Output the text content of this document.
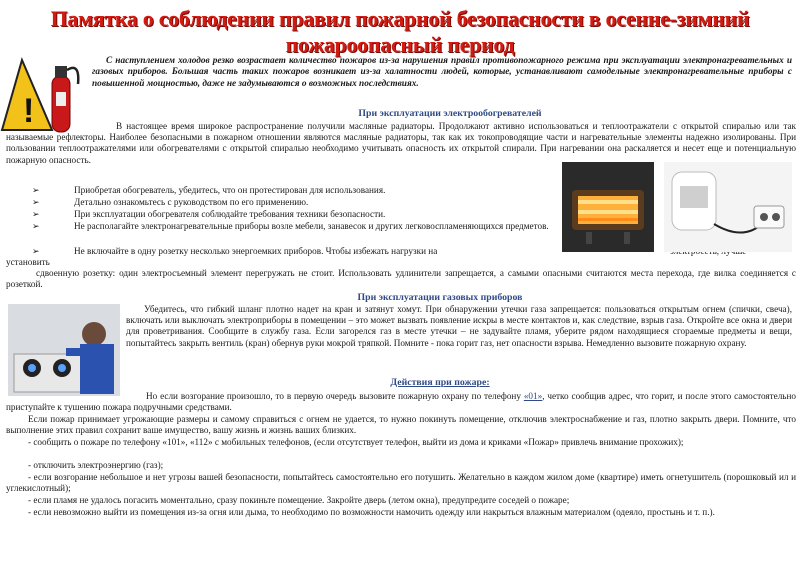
Памятка о соблюдении правил пожарной безопасности в осенне-зимний пожароопасный период
!
С наступлением холодов резко возрастает количество пожаров из-за нарушения правил противопожарного режима при эксплуатации электронагревательных и газовых приборов. Большая часть таких пожаров возникает из-за халатности людей, которые, устанавливают самодельные электронагревательные приборы с повышенной мощностью, даже не задумываются о возможных последствиях.
При эксплуатации электрообогревателей
В настоящее время широкое распространение получили масляные радиаторы. Продолжают активно использоваться и теплоотражатели с открытой спиралью или так называемые рефлекторы. Наиболее безопасными в пожарном отношении являются масляные радиаторы, так как их токопроводящие части и нагревательные элементы надежно изолированы. При пользовании теплоотражателями или обогревателями с открытой спиралью необходимо учитывать опасность их открытой спирали. При нагревании она раскаляется и несет еще и потенциальную пожарную опасность.
➢	Приобретая обогреватель, убедитесь, что он протестирован для использования.
➢	Детально ознакомьтесь с руководством по его применению.
➢	При эксплуатации обогревателя соблюдайте требования техники безопасности.
➢	Не располагайте электронагревательные приборы возле мебели, занавесок и других легковоспламеняющихся предметов.
➢	Не включайте в одну розетку несколько энергоемких приборов. Чтобы избежать нагрузки на
установить
сдвоенную розетку: один электросъемный элемент перегружать не стоит. Использовать удлинители запрещается, а самыми опасными считаются места перехода, где вилка соединяется с розеткой.
При эксплуатации газовых приборов
Убедитесь, что гибкий шланг плотно надет на кран и затянут хомут. При обнаружении утечки газа запрещается: пользоваться открытым огнем (спички, свеча), включать или выключать электроприборы в помещении – это может вызвать появление искры в месте контактов и, как следствие, взрыв газа. Откройте все окна и двери для проветривания. Сообщите в службу газа. Если загорелся газ в месте утечки – не задувайте пламя, уберите рядом находящиеся сгораемые предметы и вещи, попытайтесь закрыть вентиль (кран) обернув руки мокрой тряпкой. Помните - пока горит газ, нет опасности взрыва. Немедленно вызовите пожарную охрану.
Действия при пожаре:
Но если возгорание произошло, то в первую очередь вызовите пожарную охрану по телефону «01», четко сообщив адрес, что горит, и после этого самостоятельно приступайте к тушению пожара подручными средствами.
Если пожар принимает угрожающие размеры и самому справиться с огнем не удается, то нужно покинуть помещение, отключив электроснабжение и газ, плотно закрыть двери. Помните, что выполнение этих правил сохранит ваше имущество, вашу жизнь и жизнь ваших близких.
- сообщить о пожаре по телефону «101», «112» с мобильных телефонов, (если отсутствует телефон, выйти из дома и криками «Пожар» привлечь внимание прохожих);
- отключить электроэнергию (газ);
- если возгорание небольшое и нет угрозы вашей безопасности, попытайтесь самостоятельно его потушить. Желательно в каждом жилом доме (квартире) иметь огнетушитель (порошковый ил и углекислотный);
- если пламя не удалось погасить моментально, сразу покиньте помещение. Закройте дверь (летом окна), предупредите соседей о пожаре;
- если невозможно выйти из помещения из-за огня или дыма, то необходимо по возможности намочить одежду или накрыться влажным материалом (одеяло, простынь и т. п.).
